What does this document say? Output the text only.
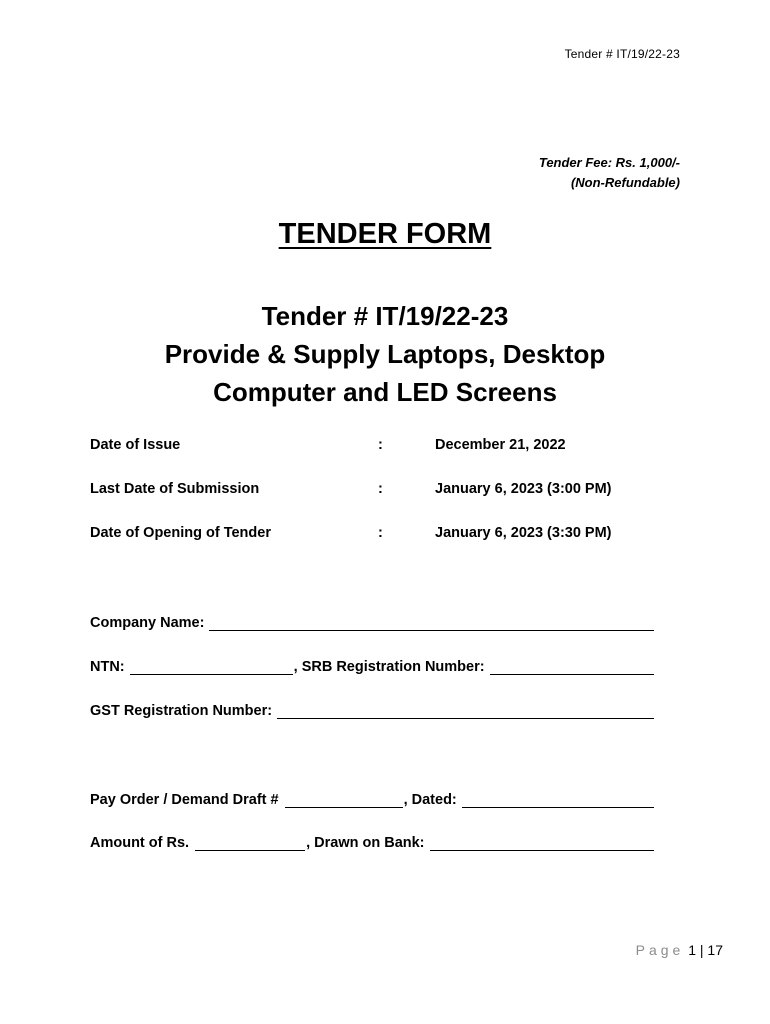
Tender # IT/19/22-23
Tender Fee: Rs. 1,000/-
(Non-Refundable)
TENDER FORM
Tender # IT/19/22-23
Provide & Supply Laptops, Desktop
Computer and LED Screens
Date of Issue	:	December 21, 2022
Last Date of Submission	:	January 6, 2023 (3:00 PM)
Date of Opening of Tender	:	January 6, 2023 (3:30 PM)
Company Name:
NTN:	, SRB Registration Number:
GST Registration Number:
Pay Order / Demand Draft #	, Dated:
Amount of Rs.	, Drawn on Bank:
Page 1 | 17
